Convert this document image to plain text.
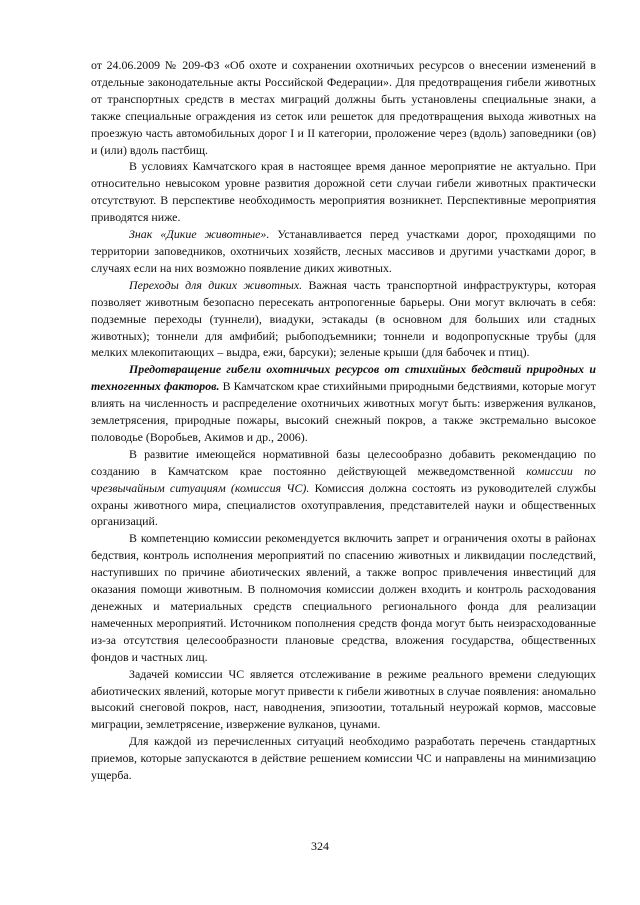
от 24.06.2009 № 209-ФЗ «Об охоте и сохранении охотничьих ресурсов о внесении изменений в отдельные законодательные акты Российской Федерации». Для предотвращения гибели животных от транспортных средств в местах миграций должны быть установлены специальные знаки, а также специальные ограждения из сеток или решеток для предотвращения выхода животных на проезжую часть автомобильных дорог I и II категории, проложение через (вдоль) заповедники (ов) и (или) вдоль пастбищ.

В условиях Камчатского края в настоящее время данное мероприятие не актуально. При относительно невысоком уровне развития дорожной сети случаи гибели животных практически отсутствуют. В перспективе необходимость мероприятия возникнет. Перспективные мероприятия приводятся ниже.

Знак «Дикие животные». Устанавливается перед участками дорог, проходящими по территории заповедников, охотничьих хозяйств, лесных массивов и другими участками дорог, в случаях если на них возможно появление диких животных.

Переходы для диких животных. Важная часть транспортной инфраструктуры, которая позволяет животным безопасно пересекать антропогенные барьеры. Они могут включать в себя: подземные переходы (туннели), виадуки, эстакады (в основном для больших или стадных животных); тоннели для амфибий; рыбоподъемники; тоннели и водопропускные трубы (для мелких млекопитающих – выдра, ежи, барсуки); зеленые крыши (для бабочек и птиц).

Предотвращение гибели охотничьих ресурсов от стихийных бедствий природных и техногенных факторов. В Камчатском крае стихийными природными бедствиями, которые могут влиять на численность и распределение охотничьих животных могут быть: извержения вулканов, землетрясения, природные пожары, высокий снежный покров, а также экстремально высокое половодье (Воробьев, Акимов и др., 2006).

В развитие имеющейся нормативной базы целесообразно добавить рекомендацию по созданию в Камчатском крае постоянно действующей межведомственной комиссии по чрезвычайным ситуациям (комиссия ЧС). Комиссия должна состоять из руководителей службы охраны животного мира, специалистов охотуправления, представителей науки и общественных организаций.

В компетенцию комиссии рекомендуется включить запрет и ограничения охоты в районах бедствия, контроль исполнения мероприятий по спасению животных и ликвидации последствий, наступивших по причине абиотических явлений, а также вопрос привлечения инвестиций для оказания помощи животным. В полномочия комиссии должен входить и контроль расходования денежных и материальных средств специального регионального фонда для реализации намеченных мероприятий. Источником пополнения средств фонда могут быть неизрасходованные из-за отсутствия целесообразности плановые средства, вложения государства, общественных фондов и частных лиц.

Задачей комиссии ЧС является отслеживание в режиме реального времени следующих абиотических явлений, которые могут привести к гибели животных в случае появления: аномально высокий снеговой покров, наст, наводнения, эпизоотии, тотальный неурожай кормов, массовые миграции, землетрясение, извержение вулканов, цунами.

Для каждой из перечисленных ситуаций необходимо разработать перечень стандартных приемов, которые запускаются в действие решением комиссии ЧС и направлены на минимизацию ущерба.

324
